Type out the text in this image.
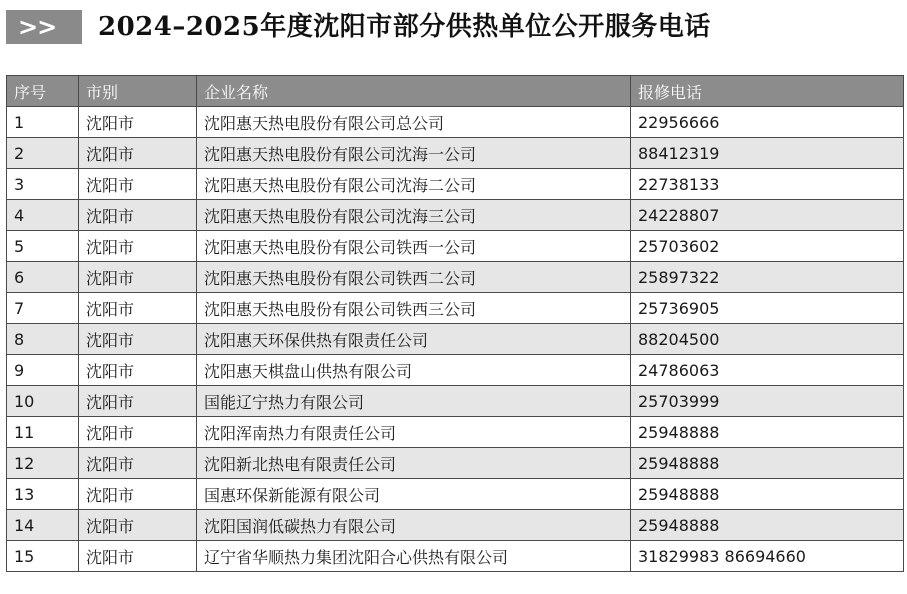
>>	2024–2025年度沈阳市部分供热单位公开服务电话
序号	市别	企业名称	报修电话
1	沈阳市	沈阳惠天热电股份有限公司总公司	22956666
2	沈阳市	沈阳惠天热电股份有限公司沈海一公司	88412319
3	沈阳市	沈阳惠天热电股份有限公司沈海二公司	22738133
4	沈阳市	沈阳惠天热电股份有限公司沈海三公司	24228807
5	沈阳市	沈阳惠天热电股份有限公司铁西一公司	25703602
6	沈阳市	沈阳惠天热电股份有限公司铁西二公司	25897322
7	沈阳市	沈阳惠天热电股份有限公司铁西三公司	25736905
8	沈阳市	沈阳惠天环保供热有限责任公司	88204500
9	沈阳市	沈阳惠天棋盘山供热有限公司	24786063
10	沈阳市	国能辽宁热力有限公司	25703999
11	沈阳市	沈阳浑南热力有限责任公司	25948888
12	沈阳市	沈阳新北热电有限责任公司	25948888
13	沈阳市	国惠环保新能源有限公司	25948888
14	沈阳市	沈阳国润低碳热力有限公司	25948888
15	沈阳市	辽宁省华顺热力集团沈阳合心供热有限公司	31829983 86694660
